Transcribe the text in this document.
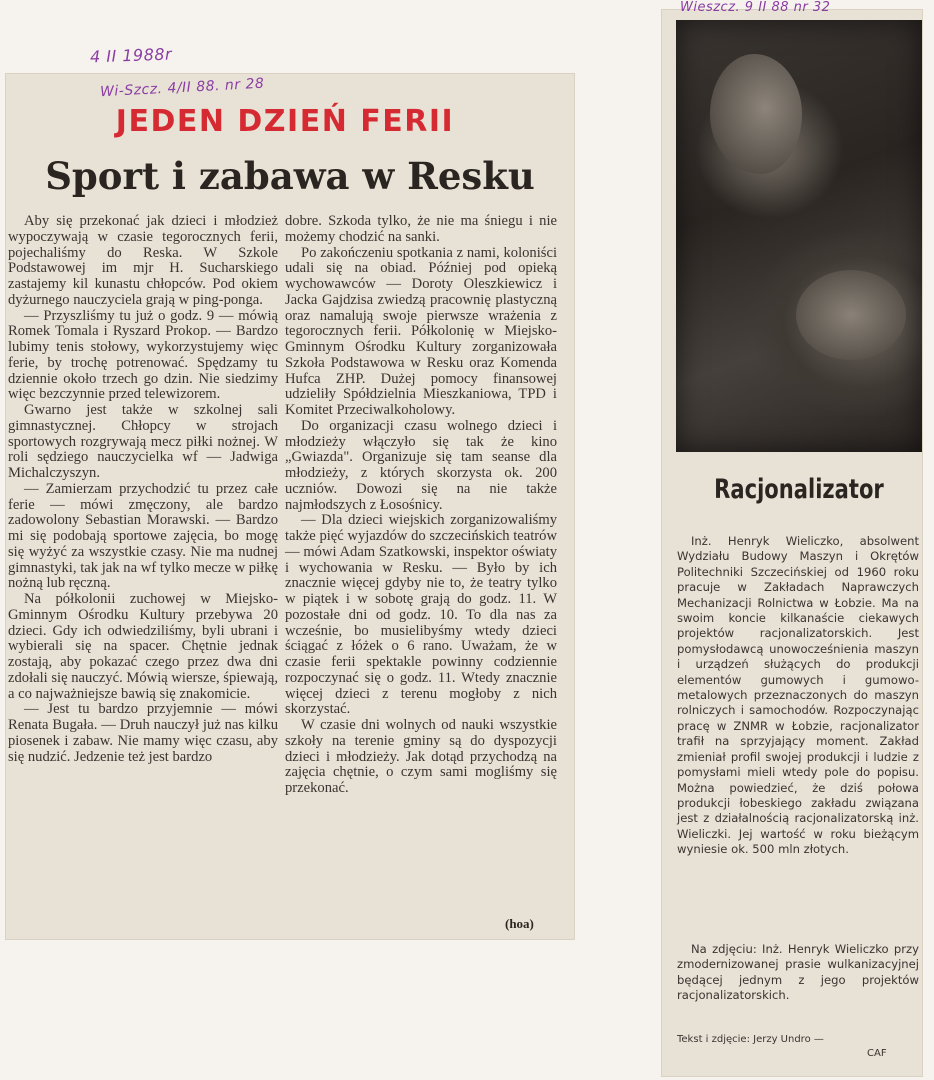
4 II 1988r
Wi-Szcz. 4/II 88. nr 28
Wieszcz. 9 II 88 nr 32
JEDEN DZIEŃ FERII
Sport i zabawa w Resku

Aby się przekonać jak dzieci i młodzież wypoczywają w czasie tegorocznych ferii, pojechaliśmy do Reska. W Szkole Podstawowej im mjr H. Sucharskiego zastajemy kil kunastu chłopców. Pod okiem dyżurnego nauczyciela grają w ping-ponga.

— Przyszliśmy tu już o godz. 9 — mówią Romek Tomala i Ryszard Prokop. — Bardzo lubimy tenis stołowy, wykorzystujemy więc ferie, by trochę potrenować. Spędzamy tu dziennie około trzech go dzin. Nie siedzimy więc bezczynnie przed telewizorem.

Gwarno jest także w szkolnej sali gimnastycznej. Chłopcy w strojach sportowych rozgrywają mecz piłki nożnej. W roli sędziego nauczycielka wf — Jadwiga Michalczyszyn.

— Zamierzam przychodzić tu przez całe ferie — mówi zmęczony, ale bardzo zadowolony Sebastian Morawski. — Bardzo mi się podobają sportowe zajęcia, bo mogę się wyżyć za wszystkie czasy. Nie ma nudnej gimnastyki, tak jak na wf tylko mecze w piłkę nożną lub ręczną.

Na półkolonii zuchowej w Miejsko-Gminnym Ośrodku Kultury przebywa 20 dzieci. Gdy ich odwiedziliśmy, byli ubrani i wybierali się na spacer. Chętnie jednak zostają, aby pokazać czego przez dwa dni zdołali się nauczyć. Mówią wiersze, śpiewają, a co najważniejsze bawią się znakomicie.

— Jest tu bardzo przyjemnie — mówi Renata Bugała. — Druh nauczył już nas kilku piosenek i zabaw. Nie mamy więc czasu, aby się nudzić. Jedzenie też jest bardzo

dobre. Szkoda tylko, że nie ma śniegu i nie możemy chodzić na sanki.

Po zakończeniu spotkania z nami, koloniści udali się na obiad. Później pod opieką wychowawców — Doroty Oleszkiewicz i Jacka Gajdzisa zwiedzą pracownię plastyczną oraz namalują swoje pierwsze wrażenia z tegorocznych ferii. Półkolonię w Miejsko-Gminnym Ośrodku Kultury zorganizowała Szkoła Podstawowa w Resku oraz Komenda Hufca ZHP. Dużej pomocy finansowej udzieliły Spółdzielnia Mieszkaniowa, TPD i Komitet Przeciwalkoholowy.

Do organizacji czasu wolnego dzieci i młodzieży włączyło się tak że kino „Gwiazda". Organizuje się tam seanse dla młodzieży, z których skorzysta ok. 200 uczniów. Dowozi się na nie także najmłodszych z Łosośnicy.

— Dla dzieci wiejskich zorganizowaliśmy także pięć wyjazdów do szczecińskich teatrów — mówi Adam Szatkowski, inspektor oświaty i wychowania w Resku. — Było by ich znacznie więcej gdyby nie to, że teatry tylko w piątek i w sobotę grają do godz. 11. W pozostałe dni od godz. 10. To dla nas za wcześnie, bo musielibyśmy wtedy dzieci ściągać z łóżek o 6 rano. Uważam, że w czasie ferii spektakle powinny codziennie rozpoczynać się o godz. 11. Wtedy znacznie więcej dzieci z terenu mogłoby z nich skorzystać.

W czasie dni wolnych od nauki wszystkie szkoły na terenie gminy są do dyspozycji dzieci i młodzieży. Jak dotąd przychodzą na zajęcia chętnie, o czym sami mogliśmy się przekonać.

(hoa)
Racjonalizator

Inż. Henryk Wieliczko, absolwent Wydziału Budowy Maszyn i Okrętów Politechniki Szczecińskiej od 1960 roku pracuje w Zakładach Naprawczych Mechanizacji Rolnictwa w Łobzie. Ma na swoim koncie kilkanaście ciekawych projektów racjonalizatorskich. Jest pomysłodawcą unowocześnienia maszyn i urządzeń służących do produkcji elementów gumowych i gumowo-metalowych przeznaczonych do maszyn rolniczych i samochodów. Rozpoczynając pracę w ZNMR w Łobzie, racjonalizator trafił na sprzyjający moment. Zakład zmieniał profil swojej produkcji i ludzie z pomysłami mieli wtedy pole do popisu. Można powiedzieć, że dziś połowa produkcji łobeskiego zakładu związana jest z działalnością racjonalizatorską inż. Wieliczki. Jej wartość w roku bieżącym wyniesie ok. 500 mln złotych.

Na zdjęciu: Inż. Henryk Wieliczko przy zmodernizowanej prasie wulkanizacyjnej będącej jednym z jego projektów racjonalizatorskich.

Tekst i zdjęcie: Jerzy Undro —
CAF
